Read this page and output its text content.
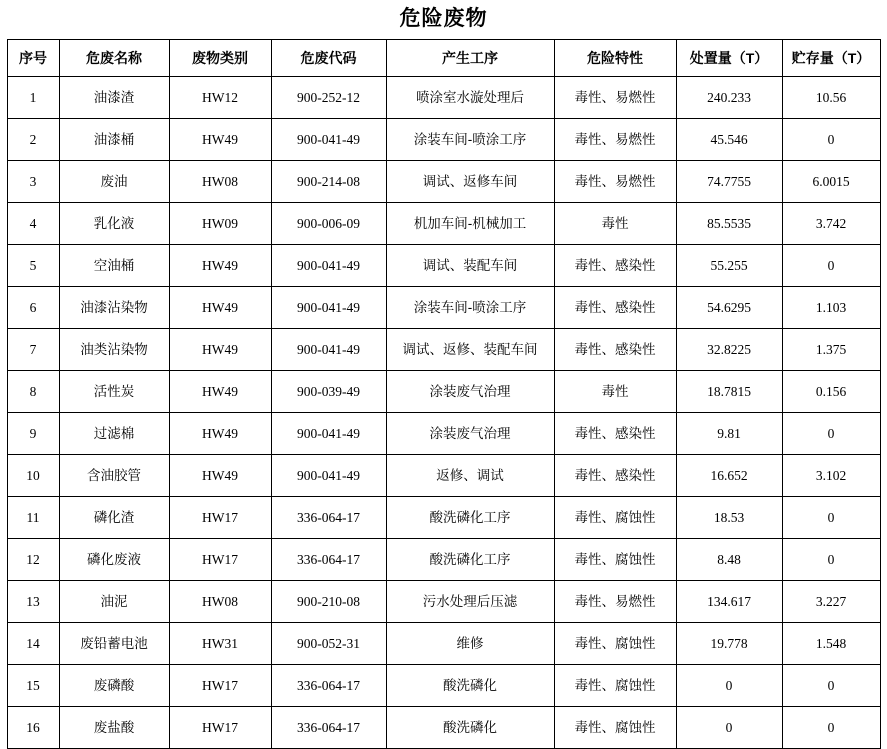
危险废物
序号	危废名称	废物类别	危废代码	产生工序	危险特性	处置量（T）	贮存量（T）
1	油漆渣	HW12	900-252-12	喷涂室水漩处理后	毒性、易燃性	240.233	10.56
2	油漆桶	HW49	900-041-49	涂装车间-喷涂工序	毒性、易燃性	45.546	0
3	废油	HW08	900-214-08	调试、返修车间	毒性、易燃性	74.7755	6.0015
4	乳化液	HW09	900-006-09	机加车间-机械加工	毒性	85.5535	3.742
5	空油桶	HW49	900-041-49	调试、装配车间	毒性、感染性	55.255	0
6	油漆沾染物	HW49	900-041-49	涂装车间-喷涂工序	毒性、感染性	54.6295	1.103
7	油类沾染物	HW49	900-041-49	调试、返修、装配车间	毒性、感染性	32.8225	1.375
8	活性炭	HW49	900-039-49	涂装废气治理	毒性	18.7815	0.156
9	过滤棉	HW49	900-041-49	涂装废气治理	毒性、感染性	9.81	0
10	含油胶管	HW49	900-041-49	返修、调试	毒性、感染性	16.652	3.102
11	磷化渣	HW17	336-064-17	酸洗磷化工序	毒性、腐蚀性	18.53	0
12	磷化废液	HW17	336-064-17	酸洗磷化工序	毒性、腐蚀性	8.48	0
13	油泥	HW08	900-210-08	污水处理后压滤	毒性、易燃性	134.617	3.227
14	废铅蓄电池	HW31	900-052-31	维修	毒性、腐蚀性	19.778	1.548
15	废磷酸	HW17	336-064-17	酸洗磷化	毒性、腐蚀性	0	0
16	废盐酸	HW17	336-064-17	酸洗磷化	毒性、腐蚀性	0	0
